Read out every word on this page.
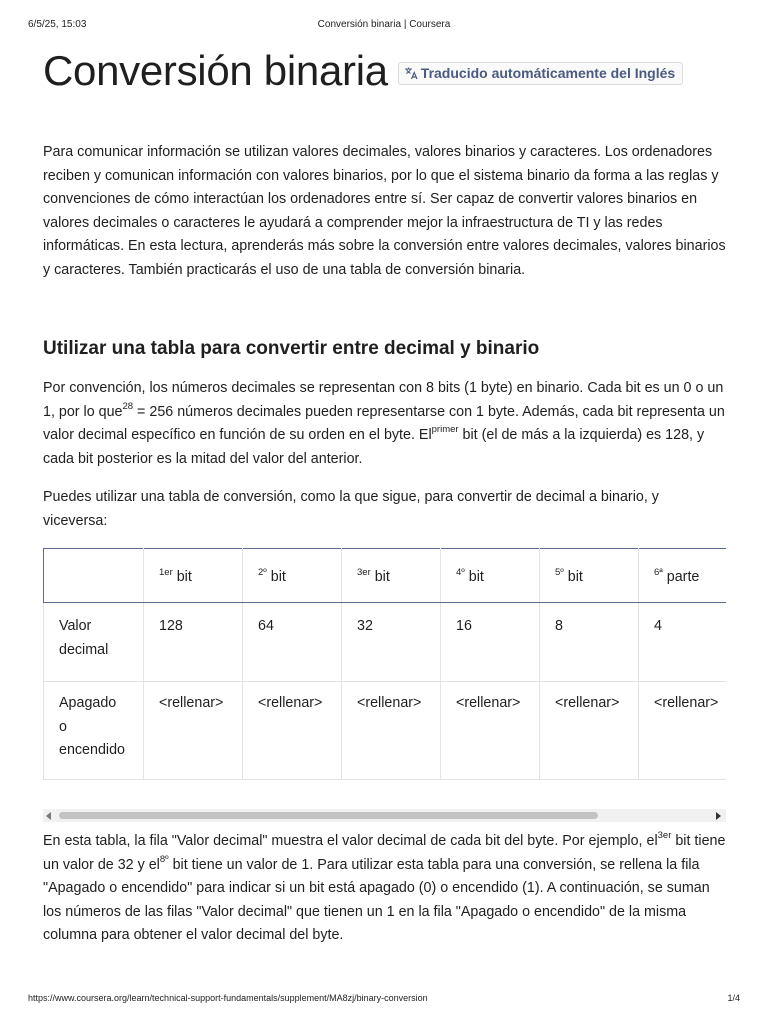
6/5/25, 15:03	Conversión binaria | Coursera
Conversión binaria Traducido automáticamente del Inglés

Para comunicar información se utilizan valores decimales, valores binarios y caracteres. Los ordenadores reciben y comunican información con valores binarios, por lo que el sistema binario da forma a las reglas y convenciones de cómo interactúan los ordenadores entre sí. Ser capaz de convertir valores binarios en valores decimales o caracteres le ayudará a comprender mejor la infraestructura de TI y las redes informáticas. En esta lectura, aprenderás más sobre la conversión entre valores decimales, valores binarios y caracteres. También practicarás el uso de una tabla de conversión binaria.

Utilizar una tabla para convertir entre decimal y binario

Por convención, los números decimales se representan con 8 bits (1 byte) en binario. Cada bit es un 0 o un 1, por lo que$^{28}$ = 256 números decimales pueden representarse con 1 byte. Además, cada bit representa un valor decimal específico en función de su orden en el byte. $El^{primer}$ bit (el de más a la izquierda) es 128, y cada bit posterior es la mitad del valor del anterior.

Puedes utilizar una tabla de conversión, como la que sigue, para convertir de decimal a binario, y viceversa:

	$^{1er}$ bit	$^{2º}$ bit	$^{3er}$ bit	$^{4º}$ bit	$^{5º}$ bit	$^{6ª}$ parte
Valor decimal	128	64	32	16	8	4
Apagado o encendido	<rellenar>	<rellenar>	<rellenar>	<rellenar>	<rellenar>	<rellenar>

En esta tabla, la fila "Valor decimal" muestra el valor decimal de cada bit del byte. Por ejemplo, $el^{3er}$ bit tiene un valor de 32 y $el^{8º}$ bit tiene un valor de 1. Para utilizar esta tabla para una conversión, se rellena la fila "Apagado o encendido" para indicar si un bit está apagado (0) o encendido (1). A continuación, se suman los números de las filas "Valor decimal" que tienen un 1 en la fila "Apagado o encendido" de la misma columna para obtener el valor decimal del byte.

https://www.coursera.org/learn/technical-support-fundamentals/supplement/MA8zj/binary-conversion	1/4
